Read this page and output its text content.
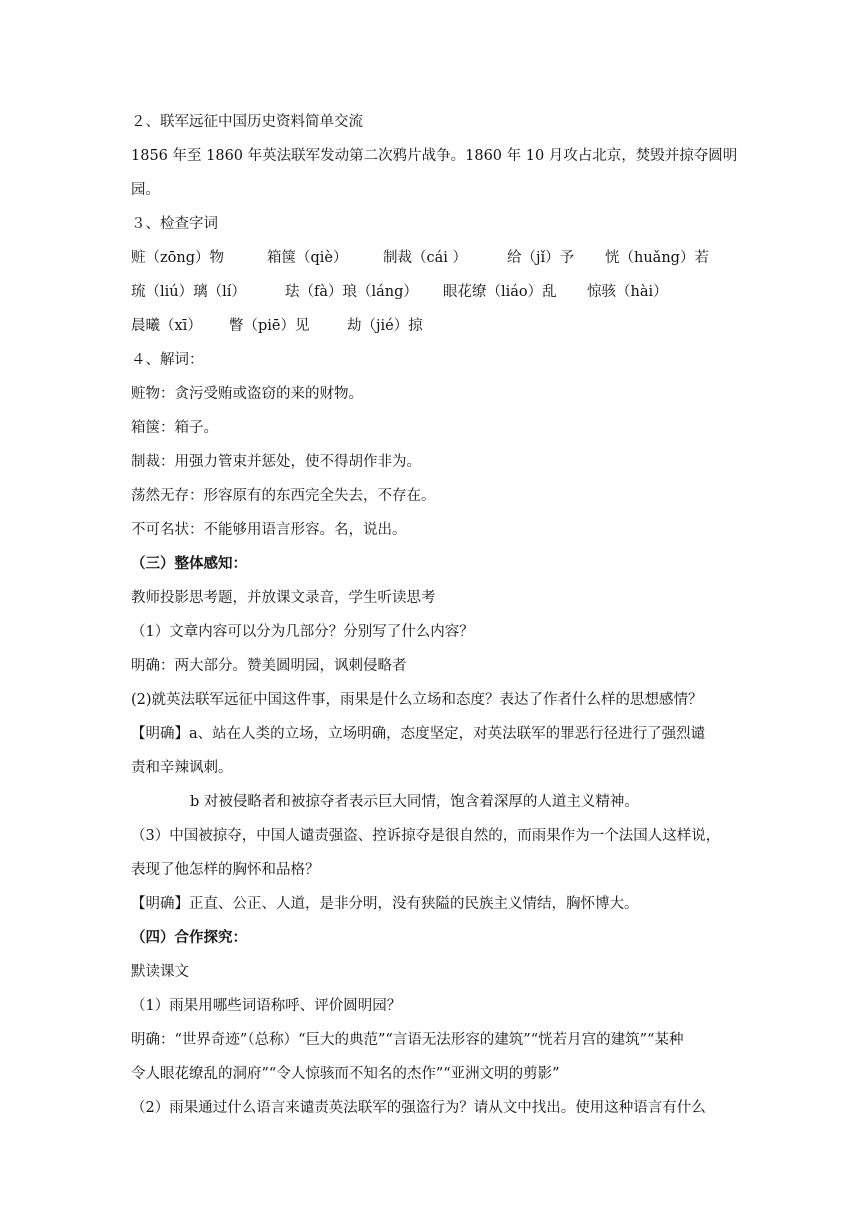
２、联军远征中国历史资料简单交流
1856 年至 1860 年英法联军发动第二次鸦片战争。1860 年 10 月攻占北京，焚毁并掠夺圆明
园。
３、检查字词
赃（zōng）物	箱箧（qiè） 制裁（cái ）	给（jǐ）予 恍（huǎng）若
琉（liú）璃（lí）	珐（fà）琅（láng） 眼花缭（liáo）乱 惊骇（hài）
晨曦（xī） 瞥（piē）见	劫（jié）掠
４、解词：
赃物：贪污受贿或盗窃的来的财物。
箱箧：箱子。
制裁：用强力管束并惩处，使不得胡作非为。
荡然无存：形容原有的东西完全失去，不存在。
不可名状：不能够用语言形容。名，说出。
（三）整体感知：
教师投影思考题，并放课文录音，学生听读思考
（1）文章内容可以分为几部分？分别写了什么内容？
明确：两大部分。赞美圆明园，讽刺侵略者
(2)就英法联军远征中国这件事，雨果是什么立场和态度？表达了作者什么样的思想感情？
【明确】a、站在人类的立场，立场明确，态度坚定，对英法联军的罪恶行径进行了强烈谴
责和辛辣讽刺。
b 对被侵略者和被掠夺者表示巨大同情，饱含着深厚的人道主义精神。
（3）中国被掠夺，中国人谴责强盗、控诉掠夺是很自然的，而雨果作为一个法国人这样说，
表现了他怎样的胸怀和品格？
【明确】正直、公正、人道，是非分明，没有狭隘的民族主义情结，胸怀博大。
（四）合作探究：
默读课文
（1）雨果用哪些词语称呼、评价圆明园？
明确：“世界奇迹”（总称）“巨大的典范”“言语无法形容的建筑”“恍若月宫的建筑”“某种
令人眼花缭乱的洞府”“令人惊骇而不知名的杰作”“亚洲文明的剪影”
（2）雨果通过什么语言来谴责英法联军的强盗行为？请从文中找出。使用这种语言有什么
